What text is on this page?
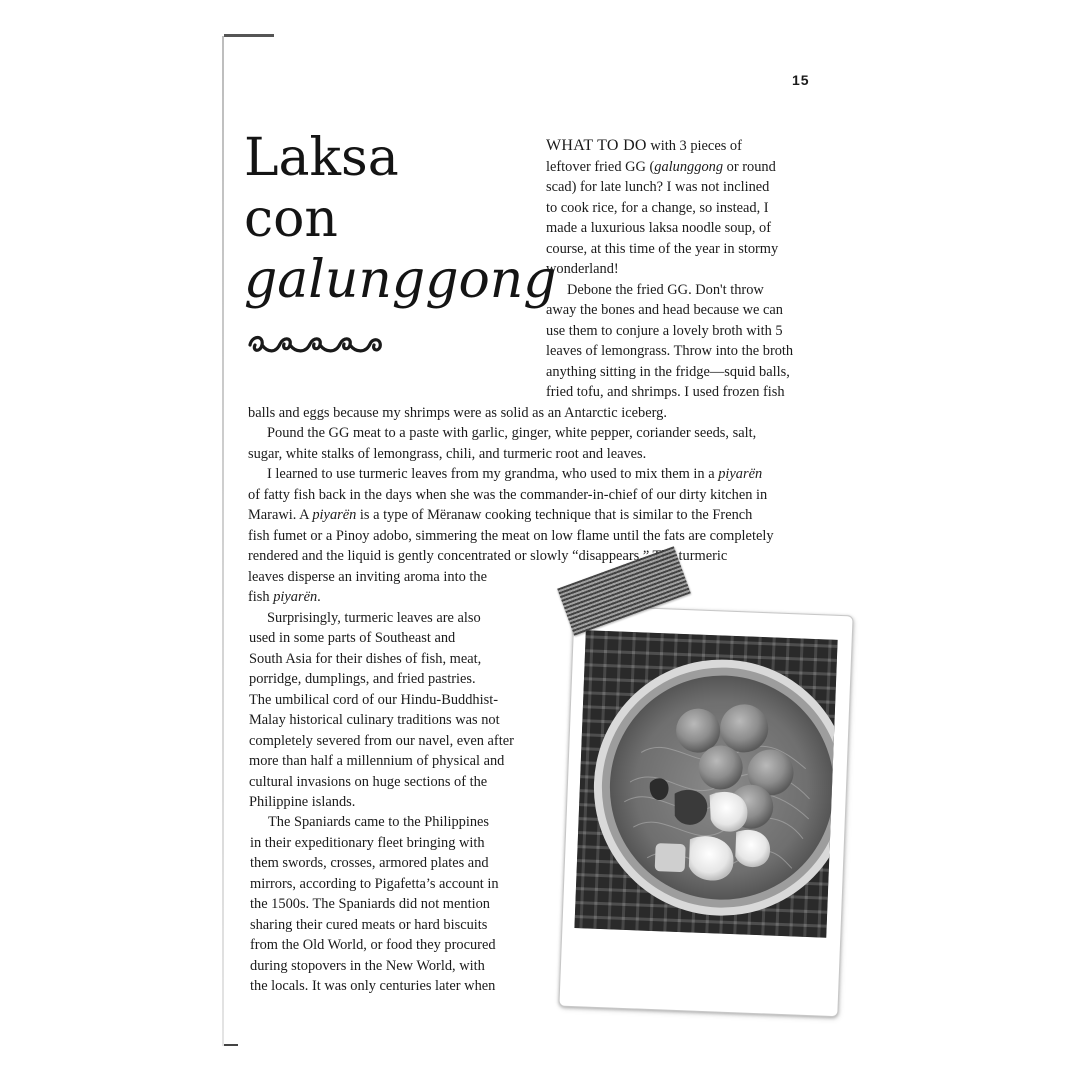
15
Laksa
con
galunggong
WHAT TO DO with 3 pieces of
leftover fried GG (galunggong or round
scad) for late lunch? I was not inclined
to cook rice, for a change, so instead, I
made a luxurious laksa noodle soup, of
course, at this time of the year in stormy
wonderland!
Debone the fried GG. Don't throw
away the bones and head because we can
use them to conjure a lovely broth with 5
leaves of lemongrass. Throw into the broth
anything sitting in the fridge—squid balls,
fried tofu, and shrimps. I used frozen fish
balls and eggs because my shrimps were as solid as an Antarctic iceberg.
Pound the GG meat to a paste with garlic, ginger, white pepper, coriander seeds, salt,
sugar, white stalks of lemongrass, chili, and turmeric root and leaves.
I learned to use turmeric leaves from my grandma, who used to mix them in a piyarën
of fatty fish back in the days when she was the commander-in-chief of our dirty kitchen in
Marawi. A piyarën is a type of Mëranaw cooking technique that is similar to the French
fish fumet or a Pinoy adobo, simmering the meat on low flame until the fats are completely
rendered and the liquid is gently concentrated or slowly “disappears.” The turmeric
leaves disperse an inviting aroma into the
fish piyarën.
Surprisingly, turmeric leaves are also
used in some parts of Southeast and
South Asia for their dishes of fish, meat,
porridge, dumplings, and fried pastries.
The umbilical cord of our Hindu-Buddhist-
Malay historical culinary traditions was not
completely severed from our navel, even after
more than half a millennium of physical and
cultural invasions on huge sections of the
Philippine islands.
The Spaniards came to the Philippines
in their expeditionary fleet bringing with
them swords, crosses, armored plates and
mirrors, according to Pigafetta’s account in
the 1500s. The Spaniards did not mention
sharing their cured meats or hard biscuits
from the Old World, or food they procured
during stopovers in the New World, with
the locals. It was only centuries later when
